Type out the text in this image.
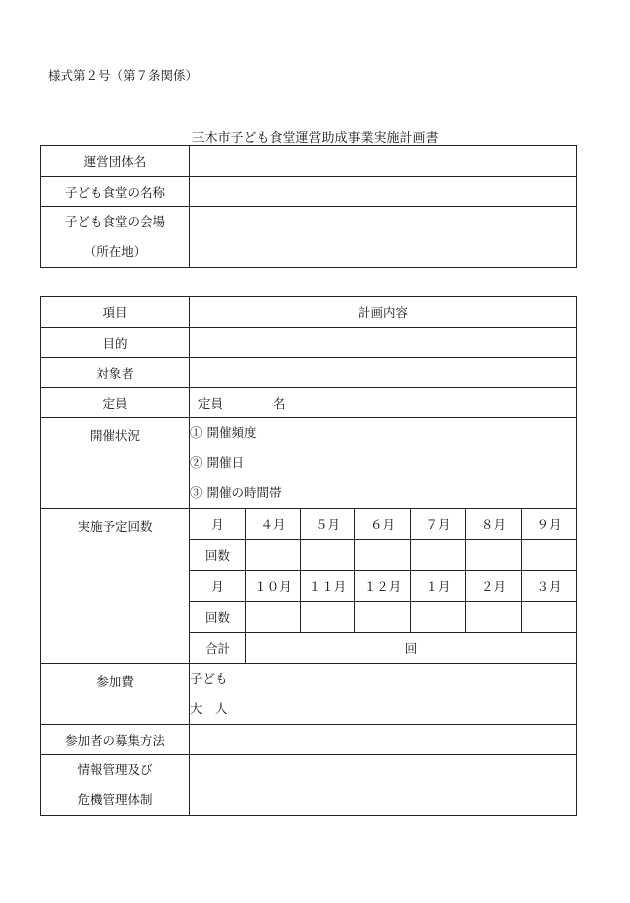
様式第２号（第７条関係）
三木市子ども食堂運営助成事業実施計画書
運営団体名	
子ども食堂の名称	

子ども食堂の会場
（所在地）	

項目	計画内容						
目的							
対象者							
定員	定員　　　　名						
開催状況	① 開催頻度
② 開催日
③ 開催の時間帯						

実施予定回数	月	４月	５月	６月	７月	８月	９月
	回数						
	月	１０月	１１月	１２月	１月	２月	３月
	回数						
	合計	回					
参加費	子ども
大　人						

参加者の募集方法							

情報管理及び
危機管理体制							
